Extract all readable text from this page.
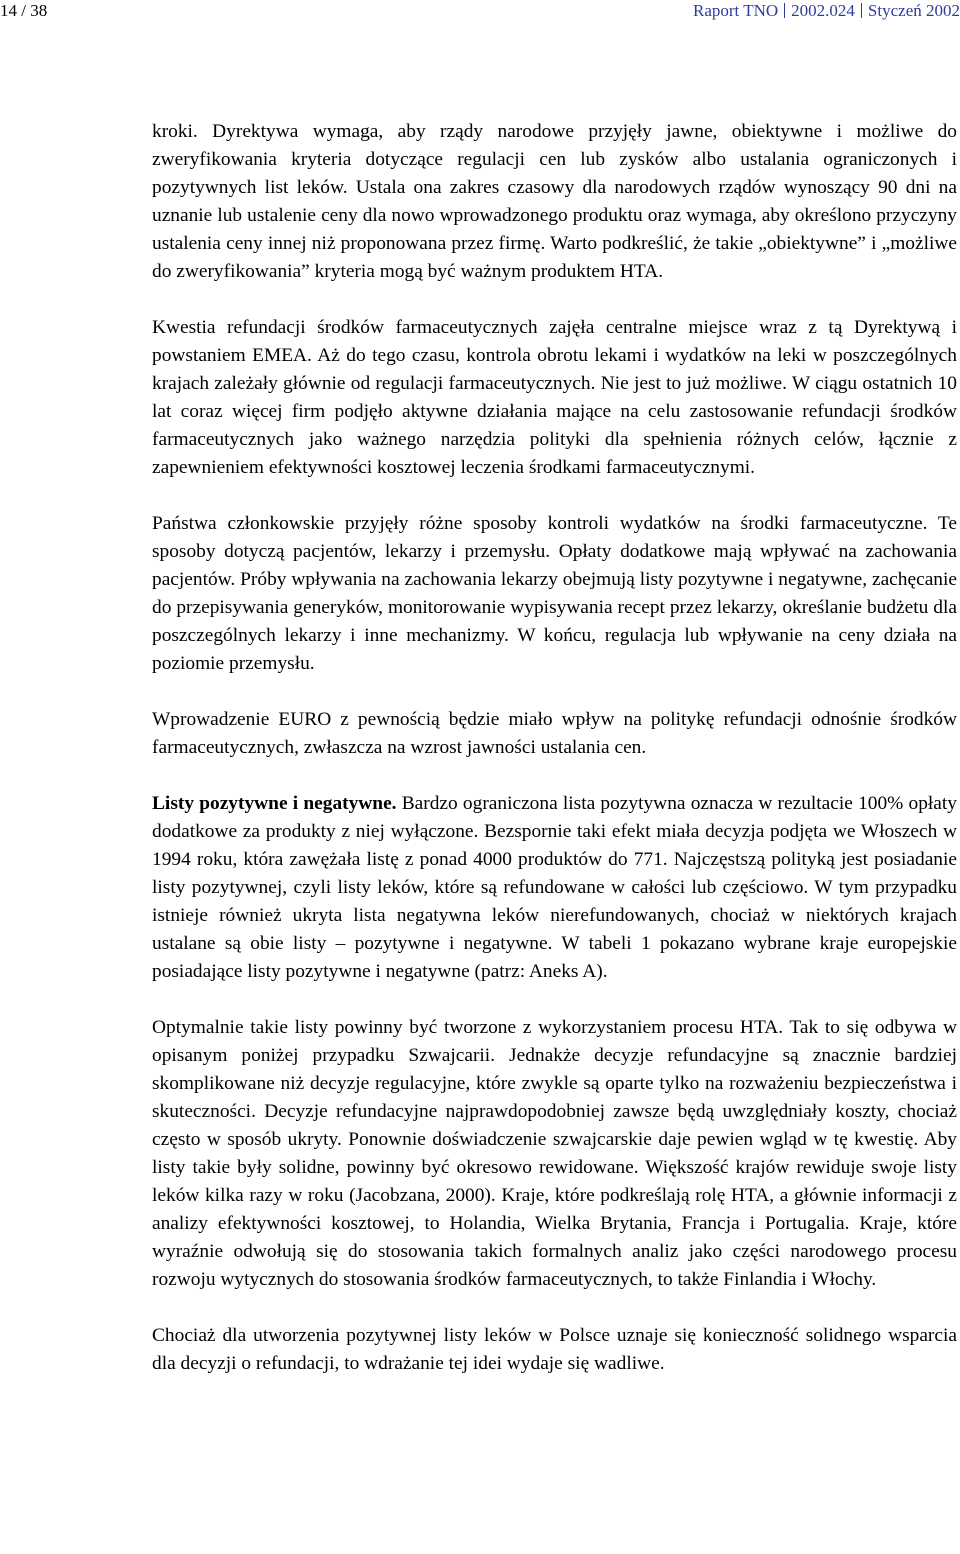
14 / 38	Raport TNO 2002.024 Styczeń 2002

kroki. Dyrektywa wymaga, aby rządy narodowe przyjęły jawne, obiektywne i możliwe do zweryfikowania kryteria dotyczące regulacji cen lub zysków albo ustalania ograniczonych i pozytywnych list leków. Ustala ona zakres czasowy dla narodowych rządów wynoszący 90 dni na uznanie lub ustalenie ceny dla nowo wprowadzonego produktu oraz wymaga, aby określono przyczyny ustalenia ceny innej niż proponowana przez firmę. Warto podkreślić, że takie „obiektywne” i „możliwe do zweryfikowania” kryteria mogą być ważnym produktem HTA.

Kwestia refundacji środków farmaceutycznych zajęła centralne miejsce wraz z tą Dyrektywą i powstaniem EMEA. Aż do tego czasu, kontrola obrotu lekami i wydatków na leki w poszczególnych krajach zależały głównie od regulacji farmaceutycznych. Nie jest to już możliwe. W ciągu ostatnich 10 lat coraz więcej firm podjęło aktywne działania mające na celu zastosowanie refundacji środków farmaceutycznych jako ważnego narzędzia polityki dla spełnienia różnych celów, łącznie z zapewnieniem efektywności kosztowej leczenia środkami farmaceutycznymi.

Państwa członkowskie przyjęły różne sposoby kontroli wydatków na środki farmaceutyczne. Te sposoby dotyczą pacjentów, lekarzy i przemysłu. Opłaty dodatkowe mają wpływać na zachowania pacjentów. Próby wpływania na zachowania lekarzy obejmują listy pozytywne i negatywne, zachęcanie do przepisywania generyków, monitorowanie wypisywania recept przez lekarzy, określanie budżetu dla poszczególnych lekarzy i inne mechanizmy. W końcu, regulacja lub wpływanie na ceny działa na poziomie przemysłu.

Wprowadzenie EURO z pewnością będzie miało wpływ na politykę refundacji odnośnie środków farmaceutycznych, zwłaszcza na wzrost jawności ustalania cen.

Listy pozytywne i negatywne. Bardzo ograniczona lista pozytywna oznacza w rezultacie 100% opłaty dodatkowe za produkty z niej wyłączone. Bezspornie taki efekt miała decyzja podjęta we Włoszech w 1994 roku, która zawężała listę z ponad 4000 produktów do 771. Najczęstszą polityką jest posiadanie listy pozytywnej, czyli listy leków, które są refundowane w całości lub częściowo. W tym przypadku istnieje również ukryta lista negatywna leków nierefundowanych, chociaż w niektórych krajach ustalane są obie listy – pozytywne i negatywne. W tabeli 1 pokazano wybrane kraje europejskie posiadające listy pozytywne i negatywne (patrz: Aneks A).

Optymalnie takie listy powinny być tworzone z wykorzystaniem procesu HTA. Tak to się odbywa w opisanym poniżej przypadku Szwajcarii. Jednakże decyzje refundacyjne są znacznie bardziej skomplikowane niż decyzje regulacyjne, które zwykle są oparte tylko na rozważeniu bezpieczeństwa i skuteczności. Decyzje refundacyjne najprawdopodobniej zawsze będą uwzględniały koszty, chociaż często w sposób ukryty. Ponownie doświadczenie szwajcarskie daje pewien wgląd w tę kwestię. Aby listy takie były solidne, powinny być okresowo rewidowane. Większość krajów rewiduje swoje listy leków kilka razy w roku (Jacobzana, 2000). Kraje, które podkreślają rolę HTA, a głównie informacji z analizy efektywności kosztowej, to Holandia, Wielka Brytania, Francja i Portugalia. Kraje, które wyraźnie odwołują się do stosowania takich formalnych analiz jako części narodowego procesu rozwoju wytycznych do stosowania środków farmaceutycznych, to także Finlandia i Włochy.

Chociaż dla utworzenia pozytywnej listy leków w Polsce uznaje się konieczność solidnego wsparcia dla decyzji o refundacji, to wdrażanie tej idei wydaje się wadliwe.
